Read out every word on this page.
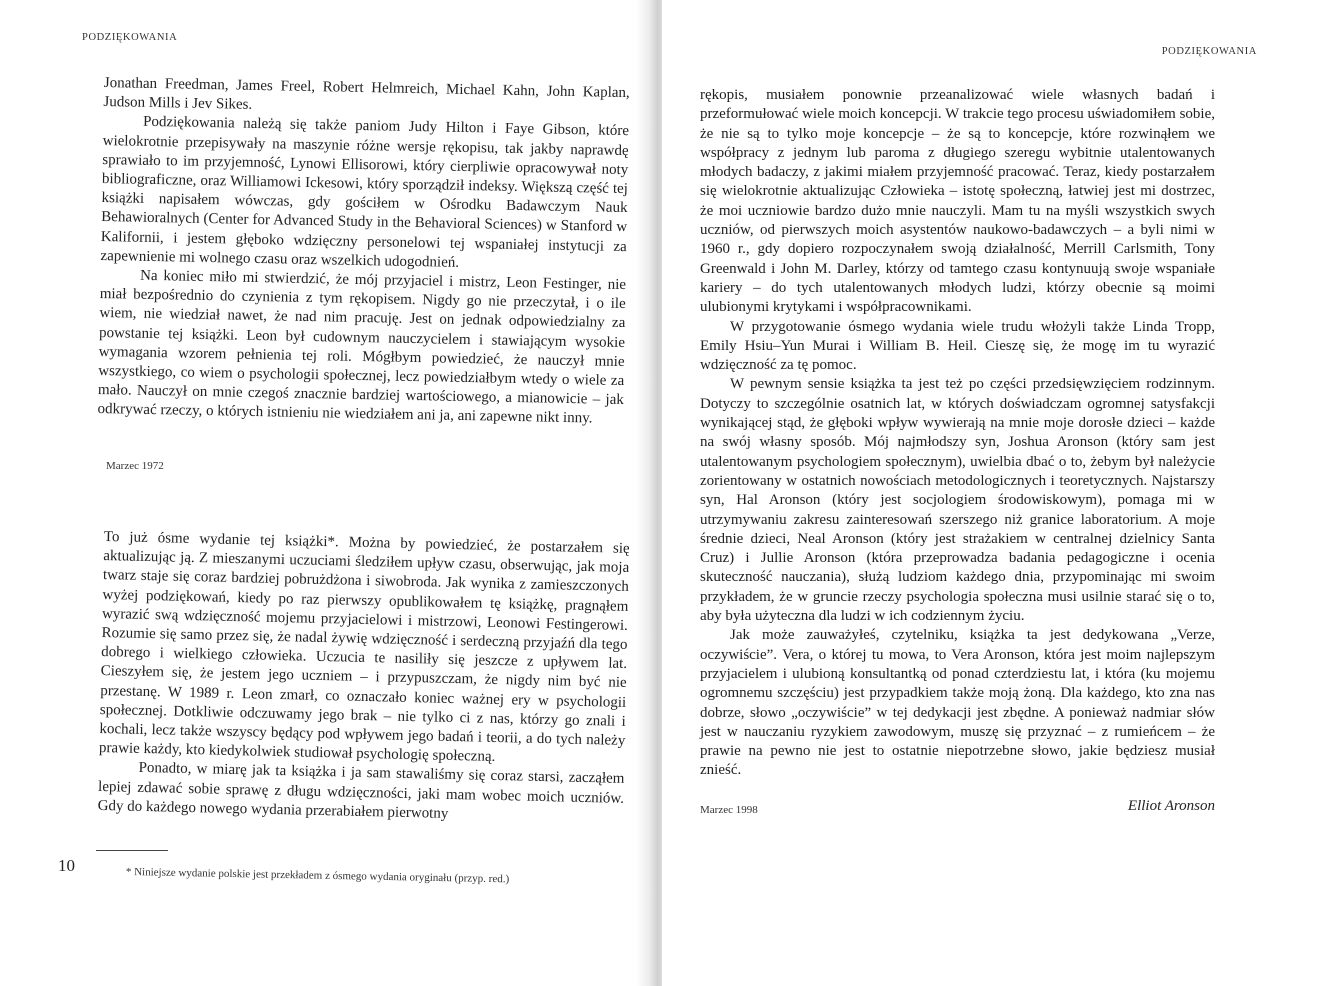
PODZIĘKOWANIA

Jonathan Freedman, James Freel, Robert Helmreich, Michael Kahn, John Kaplan, Judson Mills i Jev Sikes.

Podziękowania należą się także paniom Judy Hilton i Faye Gibson, które wielokrotnie przepisywały na maszynie różne wersje rękopisu, tak jakby naprawdę sprawiało to im przyjemność, Lynowi Ellisorowi, który cierpliwie opracowywał noty bibliograficzne, oraz Williamowi Ickesowi, który sporządził indeksy. Większą część tej książki napisałem wówczas, gdy gościłem w Ośrodku Badawczym Nauk Behawioralnych (Center for Advanced Study in the Behavioral Sciences) w Stanford w Kalifornii, i jestem głęboko wdzięczny personelowi tej wspaniałej instytucji za zapewnienie mi wolnego czasu oraz wszelkich udogodnień.

Na koniec miło mi stwierdzić, że mój przyjaciel i mistrz, Leon Festinger, nie miał bezpośrednio do czynienia z tym rękopisem. Nigdy go nie przeczytał, i o ile wiem, nie wiedział nawet, że nad nim pracuję. Jest on jednak odpowiedzialny za powstanie tej książki. Leon był cudownym nauczycielem i stawiającym wysokie wymagania wzorem pełnienia tej roli. Mógłbym powiedzieć, że nauczył mnie wszystkiego, co wiem o psychologii społecznej, lecz powiedziałbym wtedy o wiele za mało. Nauczył on mnie czegoś znacznie bardziej wartościowego, a mianowicie – jak odkrywać rzeczy, o których istnieniu nie wiedziałem ani ja, ani zapewne nikt inny.

Marzec 1972

To już ósme wydanie tej książki*. Można by powiedzieć, że postarzałem się aktualizując ją. Z mieszanymi uczuciami śledziłem upływ czasu, obserwując, jak moja twarz staje się coraz bardziej pobrużdżona i siwobroda. Jak wynika z zamieszczonych wyżej podziękowań, kiedy po raz pierwszy opublikowałem tę książkę, pragnąłem wyrazić swą wdzięczność mojemu przyjacielowi i mistrzowi, Leonowi Festingerowi. Rozumie się samo przez się, że nadal żywię wdzięczność i serdeczną przyjaźń dla tego dobrego i wielkiego człowieka. Uczucia te nasiliły się jeszcze z upływem lat. Cieszyłem się, że jestem jego uczniem – i przypuszczam, że nigdy nim być nie przestanę. W 1989 r. Leon zmarł, co oznaczało koniec ważnej ery w psychologii społecznej. Dotkliwie odczuwamy jego brak – nie tylko ci z nas, którzy go znali i kochali, lecz także wszyscy będący pod wpływem jego badań i teorii, a do tych należy prawie każdy, kto kiedykolwiek studiował psychologię społeczną.

Ponadto, w miarę jak ta książka i ja sam stawaliśmy się coraz starsi, zacząłem lepiej zdawać sobie sprawę z długu wdzięczności, jaki mam wobec moich uczniów. Gdy do każdego nowego wydania przerabiałem pierwotny

10
* Niniejsze wydanie polskie jest przekładem z ósmego wydania oryginału (przyp. red.)
PODZIĘKOWANIA

rękopis, musiałem ponownie przeanalizować wiele własnych badań i przeformułować wiele moich koncepcji. W trakcie tego procesu uświadomiłem sobie, że nie są to tylko moje koncepcje – że są to koncepcje, które rozwinąłem we współpracy z jednym lub paroma z długiego szeregu wybitnie utalentowanych młodych badaczy, z jakimi miałem przyjemność pracować. Teraz, kiedy postarzałem się wielokrotnie aktualizując Człowieka – istotę społeczną, łatwiej jest mi dostrzec, że moi uczniowie bardzo dużo mnie nauczyli. Mam tu na myśli wszystkich swych uczniów, od pierwszych moich asystentów naukowo-badawczych – a byli nimi w 1960 r., gdy dopiero rozpoczynałem swoją działalność, Merrill Carlsmith, Tony Greenwald i John M. Darley, którzy od tamtego czasu kontynuują swoje wspaniałe kariery – do tych utalentowanych młodych ludzi, którzy obecnie są moimi ulubionymi krytykami i współpracownikami.

W przygotowanie ósmego wydania wiele trudu włożyli także Linda Tropp, Emily Hsiu–Yun Murai i William B. Heil. Cieszę się, że mogę im tu wyrazić wdzięczność za tę pomoc.

W pewnym sensie książka ta jest też po części przedsięwzięciem rodzinnym. Dotyczy to szczególnie osatnich lat, w których doświadczam ogromnej satysfakcji wynikającej stąd, że głęboki wpływ wywierają na mnie moje dorosłe dzieci – każde na swój własny sposób. Mój najmłodszy syn, Joshua Aronson (który sam jest utalentowanym psychologiem społecznym), uwielbia dbać o to, żebym był należycie zorientowany w ostatnich nowościach metodologicznych i teoretycznych. Najstarszy syn, Hal Aronson (który jest socjologiem środowiskowym), pomaga mi w utrzymywaniu zakresu zainteresowań szerszego niż granice laboratorium. A moje średnie dzieci, Neal Aronson (który jest strażakiem w centralnej dzielnicy Santa Cruz) i Jullie Aronson (która przeprowadza badania pedagogiczne i ocenia skuteczność nauczania), służą ludziom każdego dnia, przypominając mi swoim przykładem, że w gruncie rzeczy psychologia społeczna musi usilnie starać się o to, aby była użyteczna dla ludzi w ich codziennym życiu.

Jak może zauważyłeś, czytelniku, książka ta jest dedykowana „Verze, oczywiście”. Vera, o której tu mowa, to Vera Aronson, która jest moim najlepszym przyjacielem i ulubioną konsultantką od ponad czterdziestu lat, i która (ku mojemu ogromnemu szczęściu) jest przypadkiem także moją żoną. Dla każdego, kto zna nas dobrze, słowo „oczywiście” w tej dedykacji jest zbędne. A ponieważ nadmiar słów jest w nauczaniu ryzykiem zawodowym, muszę się przyznać – z rumieńcem – że prawie na pewno nie jest to ostatnie niepotrzebne słowo, jakie będziesz musiał znieść.

Marzec 1998	Elliot Aronson
